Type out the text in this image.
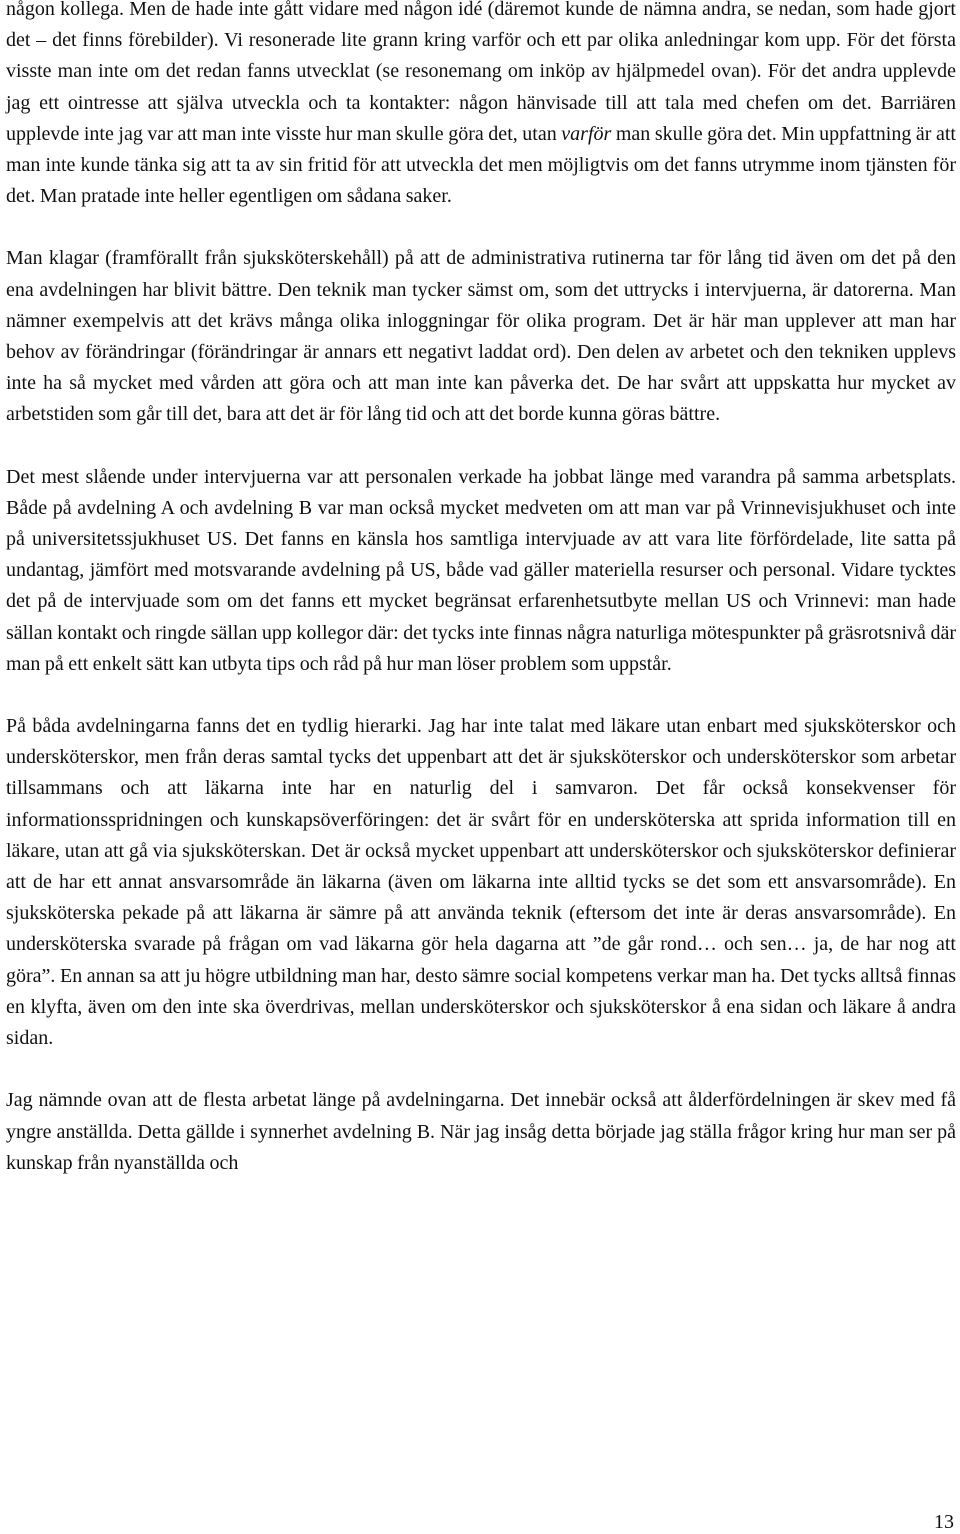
någon kollega. Men de hade inte gått vidare med någon idé (däremot kunde de nämna andra, se nedan, som hade gjort det – det finns förebilder). Vi resonerade lite grann kring varför och ett par olika anledningar kom upp. För det första visste man inte om det redan fanns utvecklat (se resonemang om inköp av hjälpmedel ovan). För det andra upplevde jag ett ointresse att själva utveckla och ta kontakter: någon hänvisade till att tala med chefen om det. Barriären upplevde inte jag var att man inte visste hur man skulle göra det, utan varför man skulle göra det. Min uppfattning är att man inte kunde tänka sig att ta av sin fritid för att utveckla det men möjligtvis om det fanns utrymme inom tjänsten för det. Man pratade inte heller egentligen om sådana saker.

Man klagar (framförallt från sjuksköterskehåll) på att de administrativa rutinerna tar för lång tid även om det på den ena avdelningen har blivit bättre. Den teknik man tycker sämst om, som det uttrycks i intervjuerna, är datorerna. Man nämner exempelvis att det krävs många olika inloggningar för olika program. Det är här man upplever att man har behov av förändringar (förändringar är annars ett negativt laddat ord). Den delen av arbetet och den tekniken upplevs inte ha så mycket med vården att göra och att man inte kan påverka det. De har svårt att uppskatta hur mycket av arbetstiden som går till det, bara att det är för lång tid och att det borde kunna göras bättre.

Det mest slående under intervjuerna var att personalen verkade ha jobbat länge med varandra på samma arbetsplats. Både på avdelning A och avdelning B var man också mycket medveten om att man var på Vrinnevisjukhuset och inte på universitetssjukhuset US. Det fanns en känsla hos samtliga intervjuade av att vara lite förfördelade, lite satta på undantag, jämfört med motsvarande avdelning på US, både vad gäller materiella resurser och personal. Vidare tycktes det på de intervjuade som om det fanns ett mycket begränsat erfarenhetsutbyte mellan US och Vrinnevi: man hade sällan kontakt och ringde sällan upp kollegor där: det tycks inte finnas några naturliga mötespunkter på gräsrotsnivå där man på ett enkelt sätt kan utbyta tips och råd på hur man löser problem som uppstår.

På båda avdelningarna fanns det en tydlig hierarki. Jag har inte talat med läkare utan enbart med sjuksköterskor och undersköterskor, men från deras samtal tycks det uppenbart att det är sjuksköterskor och undersköterskor som arbetar tillsammans och att läkarna inte har en naturlig del i samvaron. Det får också konsekvenser för informationsspridningen och kunskapsöverföringen: det är svårt för en undersköterska att sprida information till en läkare, utan att gå via sjuksköterskan. Det är också mycket uppenbart att undersköterskor och sjuksköterskor definierar att de har ett annat ansvarsområde än läkarna (även om läkarna inte alltid tycks se det som ett ansvarsområde). En sjuksköterska pekade på att läkarna är sämre på att använda teknik (eftersom det inte är deras ansvarsområde). En undersköterska svarade på frågan om vad läkarna gör hela dagarna att ”de går rond… och sen… ja, de har nog att göra”. En annan sa att ju högre utbildning man har, desto sämre social kompetens verkar man ha. Det tycks alltså finnas en klyfta, även om den inte ska överdrivas, mellan undersköterskor och sjuksköterskor å ena sidan och läkare å andra sidan.

Jag nämnde ovan att de flesta arbetat länge på avdelningarna. Det innebär också att ålderfördelningen är skev med få yngre anställda. Detta gällde i synnerhet avdelning B. När jag insåg detta började jag ställa frågor kring hur man ser på kunskap från nyanställda och

13
